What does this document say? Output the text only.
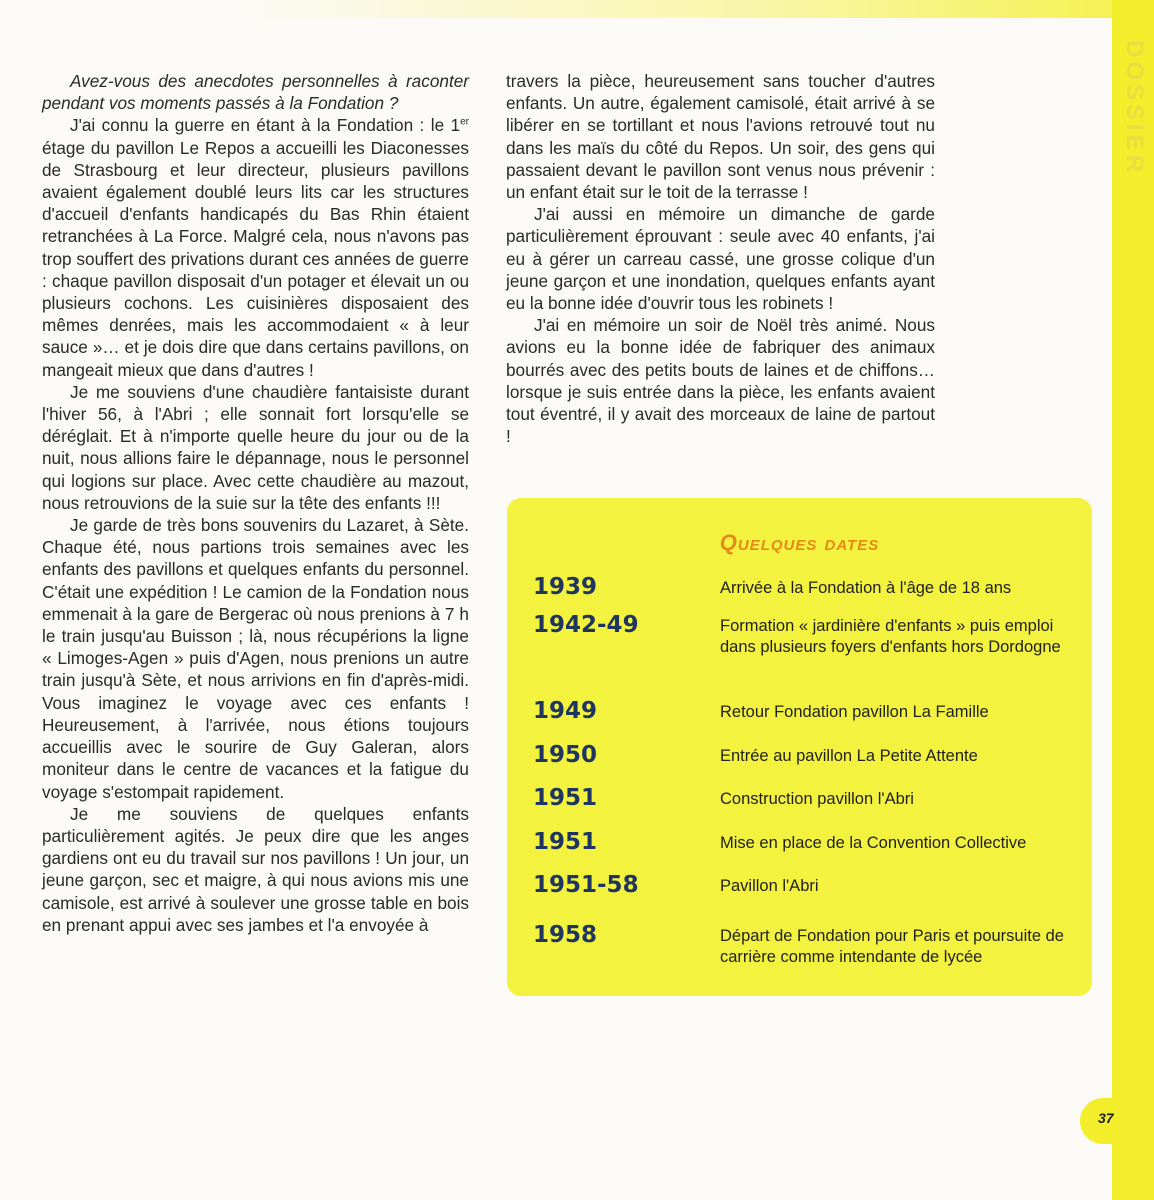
DOSSIER

Avez-vous des anecdotes personnelles à raconter pendant vos moments passés à la Fondation ?

J'ai connu la guerre en étant à la Fondation : le 1er étage du pavillon Le Repos a accueilli les Diaconesses de Strasbourg et leur directeur, plusieurs pavillons avaient également doublé leurs lits car les structures d'accueil d'enfants handicapés du Bas Rhin étaient retranchées à La Force. Malgré cela, nous n'avons pas trop souffert des privations durant ces années de guerre : chaque pavillon disposait d'un potager et élevait un ou plusieurs cochons. Les cuisinières disposaient des mêmes denrées, mais les accommodaient « à leur sauce »… et je dois dire que dans certains pavillons, on mangeait mieux que dans d'autres !

Je me souviens d'une chaudière fantaisiste durant l'hiver 56, à l'Abri ; elle sonnait fort lorsqu'elle se déréglait. Et à n'importe quelle heure du jour ou de la nuit, nous allions faire le dépannage, nous le personnel qui logions sur place. Avec cette chaudière au mazout, nous retrouvions de la suie sur la tête des enfants !!!

Je garde de très bons souvenirs du Lazaret, à Sète. Chaque été, nous partions trois semaines avec les enfants des pavillons et quelques enfants du personnel. C'était une expédition ! Le camion de la Fondation nous emmenait à la gare de Bergerac où nous prenions à 7 h le train jusqu'au Buisson ; là, nous récupérions la ligne « Limoges-Agen » puis d'Agen, nous prenions un autre train jusqu'à Sète, et nous arrivions en fin d'après-midi. Vous imaginez le voyage avec ces enfants ! Heureusement, à l'arrivée, nous étions toujours accueillis avec le sourire de Guy Galeran, alors moniteur dans le centre de vacances et la fatigue du voyage s'estompait rapidement.

Je me souviens de quelques enfants particulièrement agités. Je peux dire que les anges gardiens ont eu du travail sur nos pavillons ! Un jour, un jeune garçon, sec et maigre, à qui nous avions mis une camisole, est arrivé à soulever une grosse table en bois en prenant appui avec ses jambes et l'a envoyée à

travers la pièce, heureusement sans toucher d'autres enfants. Un autre, également camisolé, était arrivé à se libérer en se tortillant et nous l'avions retrouvé tout nu dans les maïs du côté du Repos. Un soir, des gens qui passaient devant le pavillon sont venus nous prévenir : un enfant était sur le toit de la terrasse !

J'ai aussi en mémoire un dimanche de garde particulièrement éprouvant : seule avec 40 enfants, j'ai eu à gérer un carreau cassé, une grosse colique d'un jeune garçon et une inondation, quelques enfants ayant eu la bonne idée d'ouvrir tous les robinets !

J'ai en mémoire un soir de Noël très animé. Nous avions eu la bonne idée de fabriquer des animaux bourrés avec des petits bouts de laines et de chiffons… lorsque je suis entrée dans la pièce, les enfants avaient tout éventré, il y avait des morceaux de laine de partout !

Quelques dates
1939	Arrivée à la Fondation à l'âge de 18 ans
1942-49	Formation « jardinière d'enfants » puis emploi dans plusieurs foyers d'enfants hors Dordogne
1949	Retour Fondation pavillon La Famille
1950	Entrée au pavillon La Petite Attente
1951	Construction pavillon l'Abri
1951	Mise en place de la Convention Collective
1951-58	Pavillon l'Abri
1958	Départ de Fondation pour Paris et poursuite de carrière comme intendante de lycée
37
